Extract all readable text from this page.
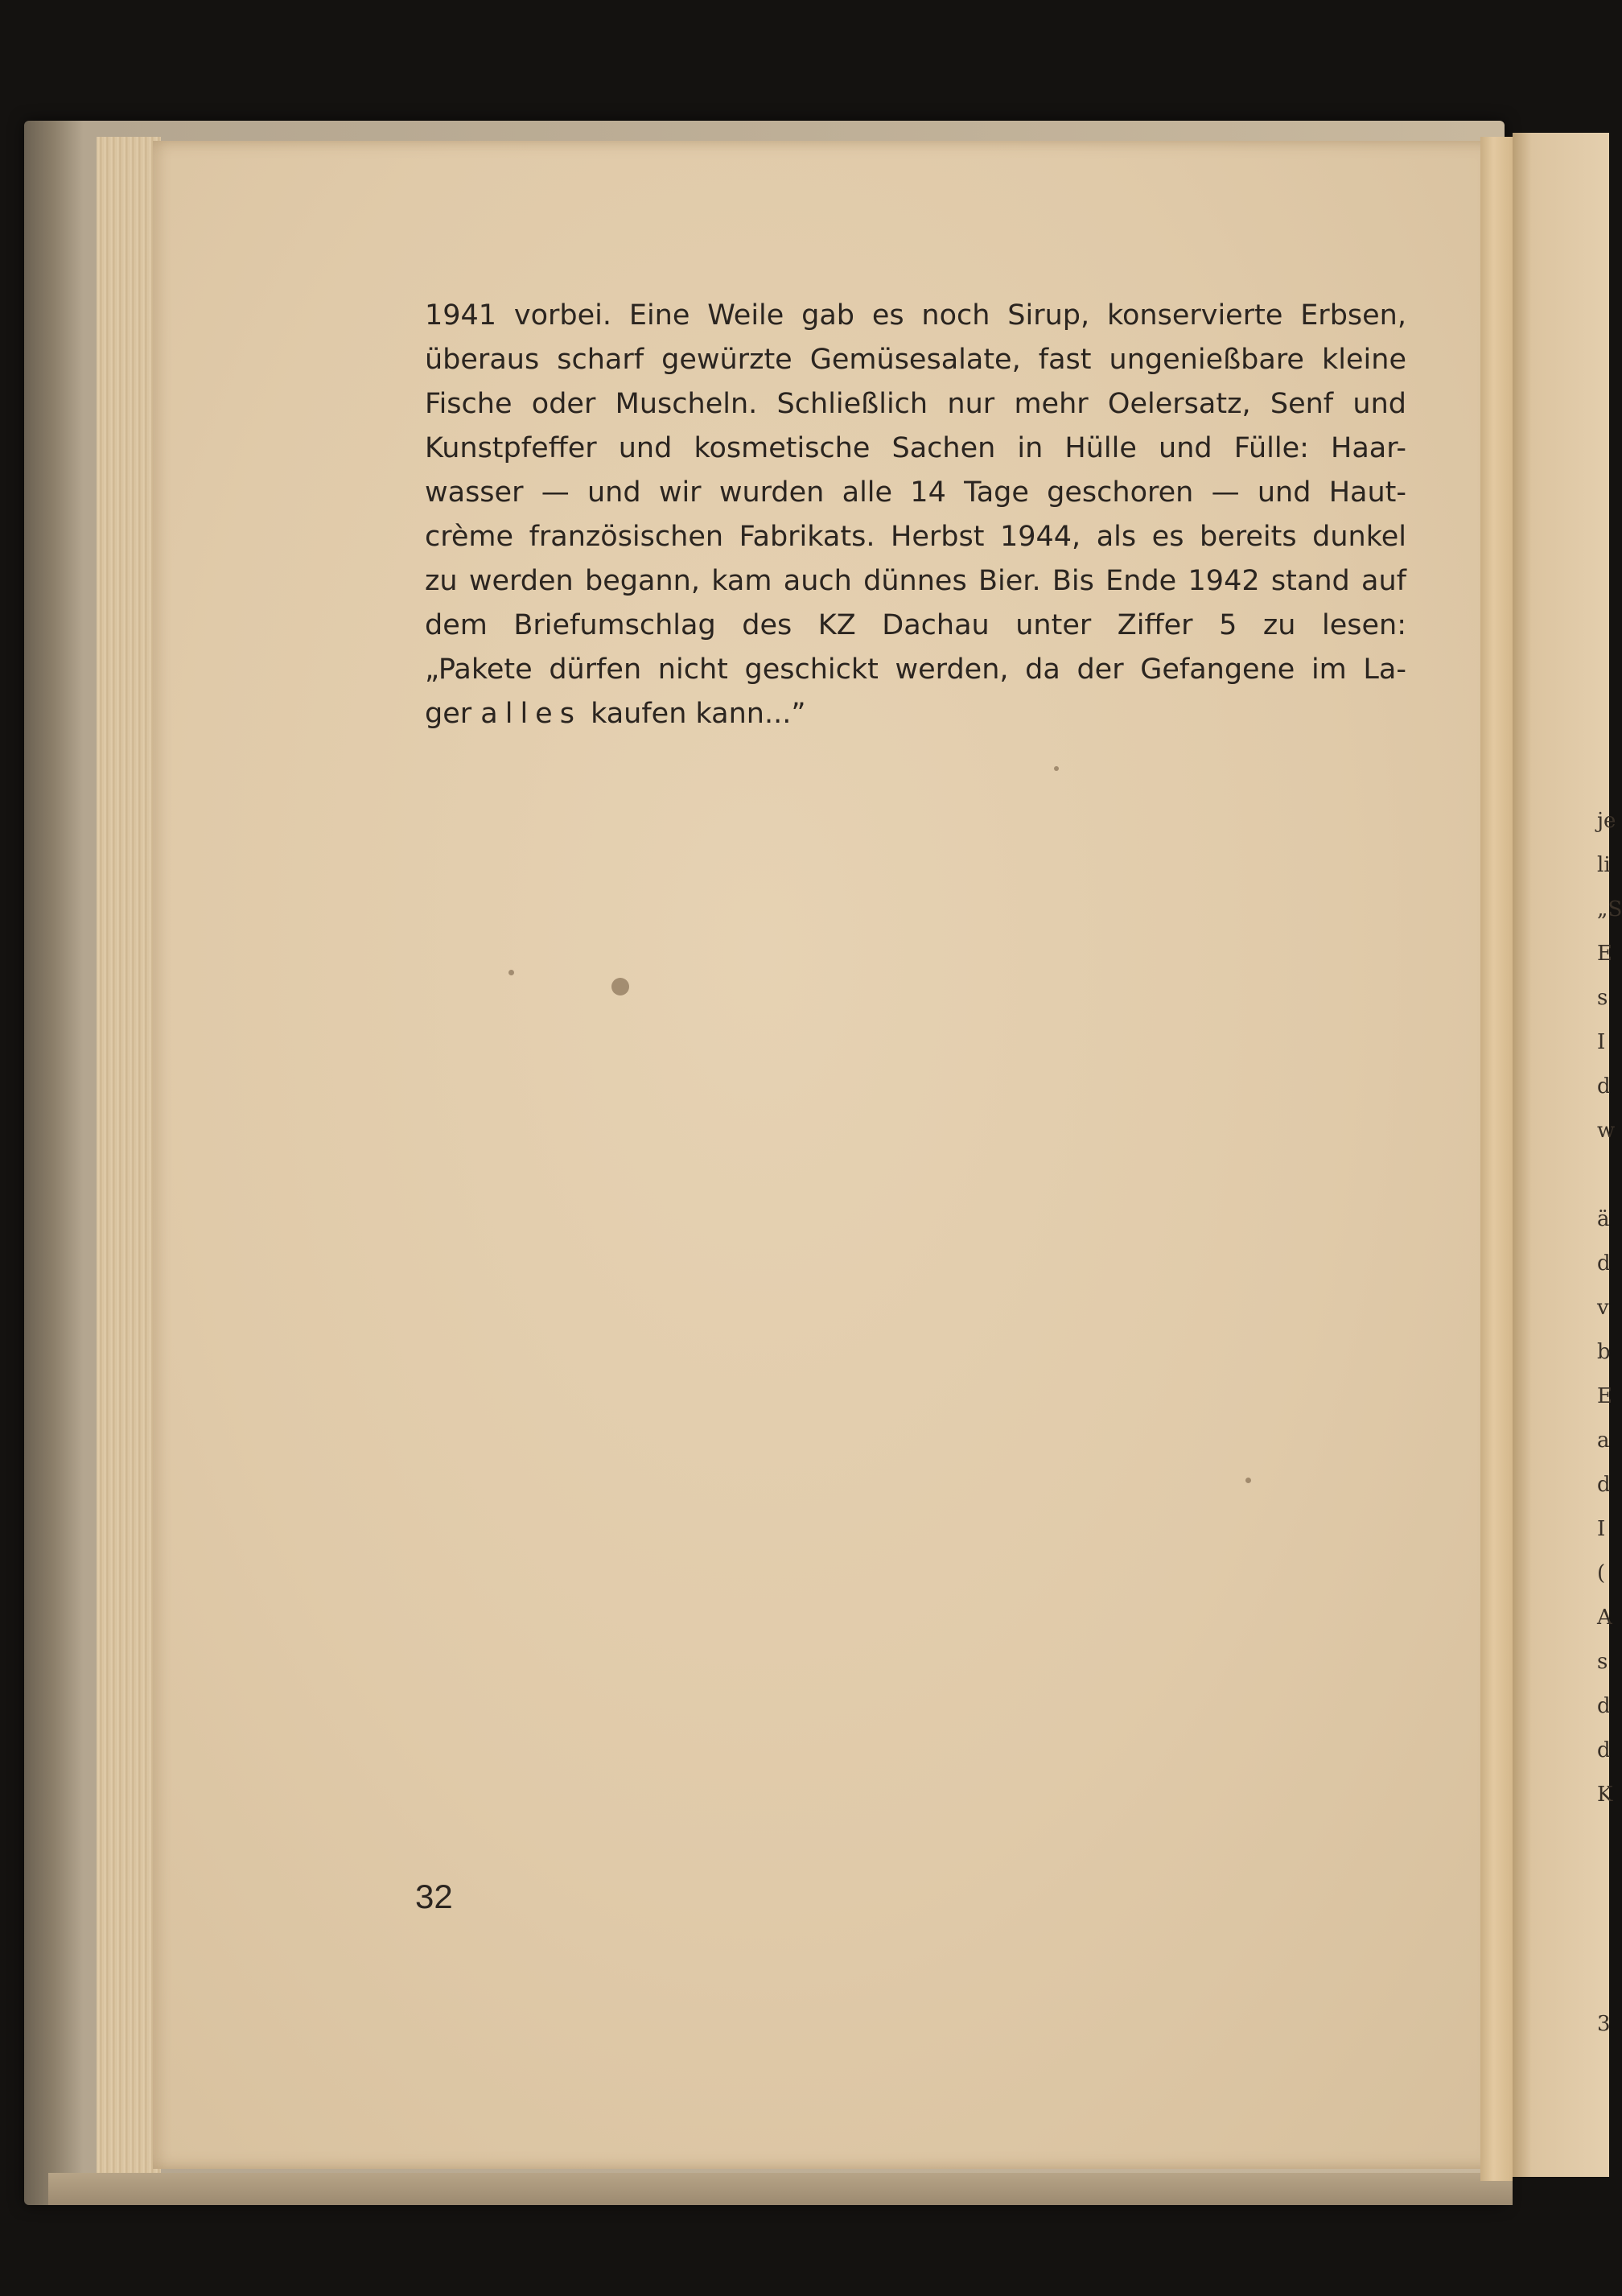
je
li
„S
E
s
I
d
w
ä
d
v
b
E
a
d
I
(
A
s
d
d
K
3
1941 vorbei. Eine Weile gab es noch Sirup, konservierte Erbsen,
überaus scharf gewürzte Gemüsesalate, fast ungenießbare kleine
Fische oder Muscheln. Schließlich nur mehr Oelersatz, Senf und
Kunstpfeffer und kosmetische Sachen in Hülle und Fülle: Haar-
wasser — und wir wurden alle 14 Tage geschoren — und Haut-
crème französischen Fabrikats. Herbst 1944, als es bereits dunkel
zu werden begann, kam auch dünnes Bier. Bis Ende 1942 stand auf
dem Briefumschlag des KZ Dachau unter Ziffer 5 zu lesen:
„Pakete dürfen nicht geschickt werden, da der Gefangene im La-
ger alles kaufen kann...”
32
